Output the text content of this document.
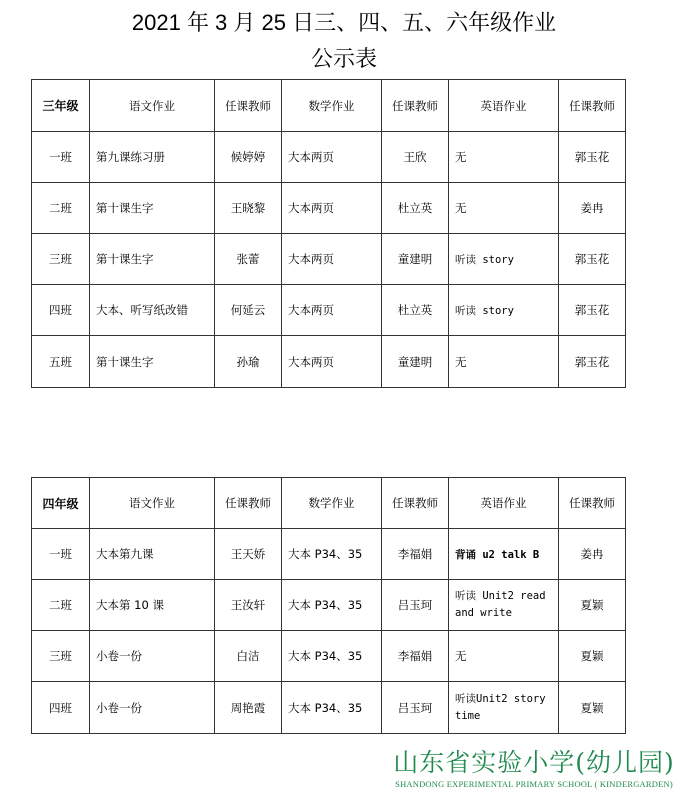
2021 年 3 月 25 日三、四、五、六年级作业
公示表
三年级	语文作业	任课教师	数学作业	任课教师	英语作业	任课教师
一班	第九课练习册	候婷婷	大本两页	王欣	无	郭玉花
二班	第十课生字	王晓黎	大本两页	杜立英	无	姜冉
三班	第十课生字	张蕾	大本两页	童建明	听读 story	郭玉花
四班	大本、听写纸改错	何延云	大本两页	杜立英	听读 story	郭玉花
五班	第十课生字	孙瑜	大本两页	童建明	无	郭玉花
四年级	语文作业	任课教师	数学作业	任课教师	英语作业	任课教师
一班	大本第九课	王天娇	大本 P34、35	李福娟	背诵 u2 talk B	姜冉
二班	大本第 10 课	王汝轩	大本 P34、35	吕玉珂	听读 Unit2 read and write	夏颖
三班	小卷一份	白洁	大本 P34、35	李福娟	无	夏颖
四班	小卷一份	周艳霞	大本 P34、35	吕玉珂	听读Unit2 story time	夏颖
山东省实验小学(幼儿园)
SHANDONG EXPERIMENTAL PRIMARY SCHOOL ( KINDERGARDEN)
